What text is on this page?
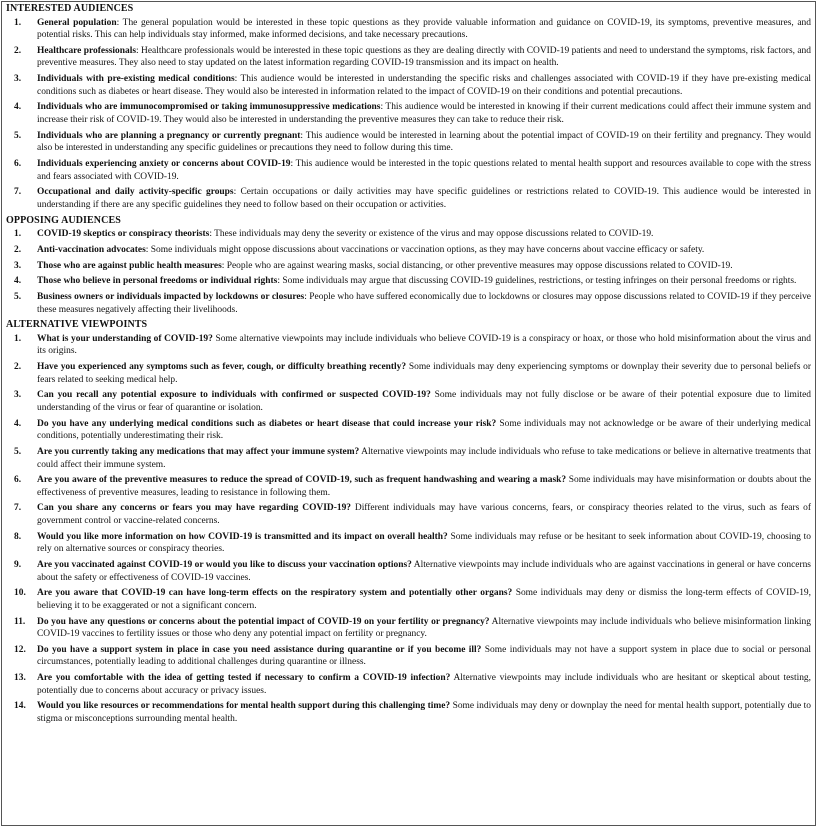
INTERESTED AUDIENCES
1.	General population: The general population would be interested in these topic questions as they provide valuable information and guidance on COVID-19, its symptoms, preventive measures, and potential risks. This can help individuals stay informed, make informed decisions, and take necessary precautions.
2.	Healthcare professionals: Healthcare professionals would be interested in these topic questions as they are dealing directly with COVID-19 patients and need to understand the symptoms, risk factors, and preventive measures. They also need to stay updated on the latest information regarding COVID-19 transmission and its impact on health.
3.	Individuals with pre-existing medical conditions: This audience would be interested in understanding the specific risks and challenges associated with COVID-19 if they have pre-existing medical conditions such as diabetes or heart disease. They would also be interested in information related to the impact of COVID-19 on their conditions and potential precautions.
4.	Individuals who are immunocompromised or taking immunosuppressive medications: This audience would be interested in knowing if their current medications could affect their immune system and increase their risk of COVID-19. They would also be interested in understanding the preventive measures they can take to reduce their risk.
5.	Individuals who are planning a pregnancy or currently pregnant: This audience would be interested in learning about the potential impact of COVID-19 on their fertility and pregnancy. They would also be interested in understanding any specific guidelines or precautions they need to follow during this time.
6.	Individuals experiencing anxiety or concerns about COVID-19: This audience would be interested in the topic questions related to mental health support and resources available to cope with the stress and fears associated with COVID-19.
7.	Occupational and daily activity-specific groups: Certain occupations or daily activities may have specific guidelines or restrictions related to COVID-19. This audience would be interested in understanding if there are any specific guidelines they need to follow based on their occupation or activities.
OPPOSING AUDIENCES
1.	COVID-19 skeptics or conspiracy theorists: These individuals may deny the severity or existence of the virus and may oppose discussions related to COVID-19.
2.	Anti-vaccination advocates: Some individuals might oppose discussions about vaccinations or vaccination options, as they may have concerns about vaccine efficacy or safety.
3.	Those who are against public health measures: People who are against wearing masks, social distancing, or other preventive measures may oppose discussions related to COVID-19.
4.	Those who believe in personal freedoms or individual rights: Some individuals may argue that discussing COVID-19 guidelines, restrictions, or testing infringes on their personal freedoms or rights.
5.	Business owners or individuals impacted by lockdowns or closures: People who have suffered economically due to lockdowns or closures may oppose discussions related to COVID-19 if they perceive these measures negatively affecting their livelihoods.
ALTERNATIVE VIEWPOINTS
1.	What is your understanding of COVID-19? Some alternative viewpoints may include individuals who believe COVID-19 is a conspiracy or hoax, or those who hold misinformation about the virus and its origins.
2.	Have you experienced any symptoms such as fever, cough, or difficulty breathing recently? Some individuals may deny experiencing symptoms or downplay their severity due to personal beliefs or fears related to seeking medical help.
3.	Can you recall any potential exposure to individuals with confirmed or suspected COVID-19? Some individuals may not fully disclose or be aware of their potential exposure due to limited understanding of the virus or fear of quarantine or isolation.
4.	Do you have any underlying medical conditions such as diabetes or heart disease that could increase your risk? Some individuals may not acknowledge or be aware of their underlying medical conditions, potentially underestimating their risk.
5.	Are you currently taking any medications that may affect your immune system? Alternative viewpoints may include individuals who refuse to take medications or believe in alternative treatments that could affect their immune system.
6.	Are you aware of the preventive measures to reduce the spread of COVID-19, such as frequent handwashing and wearing a mask? Some individuals may have misinformation or doubts about the effectiveness of preventive measures, leading to resistance in following them.
7.	Can you share any concerns or fears you may have regarding COVID-19? Different individuals may have various concerns, fears, or conspiracy theories related to the virus, such as fears of government control or vaccine-related concerns.
8.	Would you like more information on how COVID-19 is transmitted and its impact on overall health? Some individuals may refuse or be hesitant to seek information about COVID-19, choosing to rely on alternative sources or conspiracy theories.
9.	Are you vaccinated against COVID-19 or would you like to discuss your vaccination options? Alternative viewpoints may include individuals who are against vaccinations in general or have concerns about the safety or effectiveness of COVID-19 vaccines.
10.	Are you aware that COVID-19 can have long-term effects on the respiratory system and potentially other organs? Some individuals may deny or dismiss the long-term effects of COVID-19, believing it to be exaggerated or not a significant concern.
11.	Do you have any questions or concerns about the potential impact of COVID-19 on your fertility or pregnancy? Alternative viewpoints may include individuals who believe misinformation linking COVID-19 vaccines to fertility issues or those who deny any potential impact on fertility or pregnancy.
12.	Do you have a support system in place in case you need assistance during quarantine or if you become ill? Some individuals may not have a support system in place due to social or personal circumstances, potentially leading to additional challenges during quarantine or illness.
13.	Are you comfortable with the idea of getting tested if necessary to confirm a COVID-19 infection? Alternative viewpoints may include individuals who are hesitant or skeptical about testing, potentially due to concerns about accuracy or privacy issues.
14.	Would you like resources or recommendations for mental health support during this challenging time? Some individuals may deny or downplay the need for mental health support, potentially due to stigma or misconceptions surrounding mental health.
